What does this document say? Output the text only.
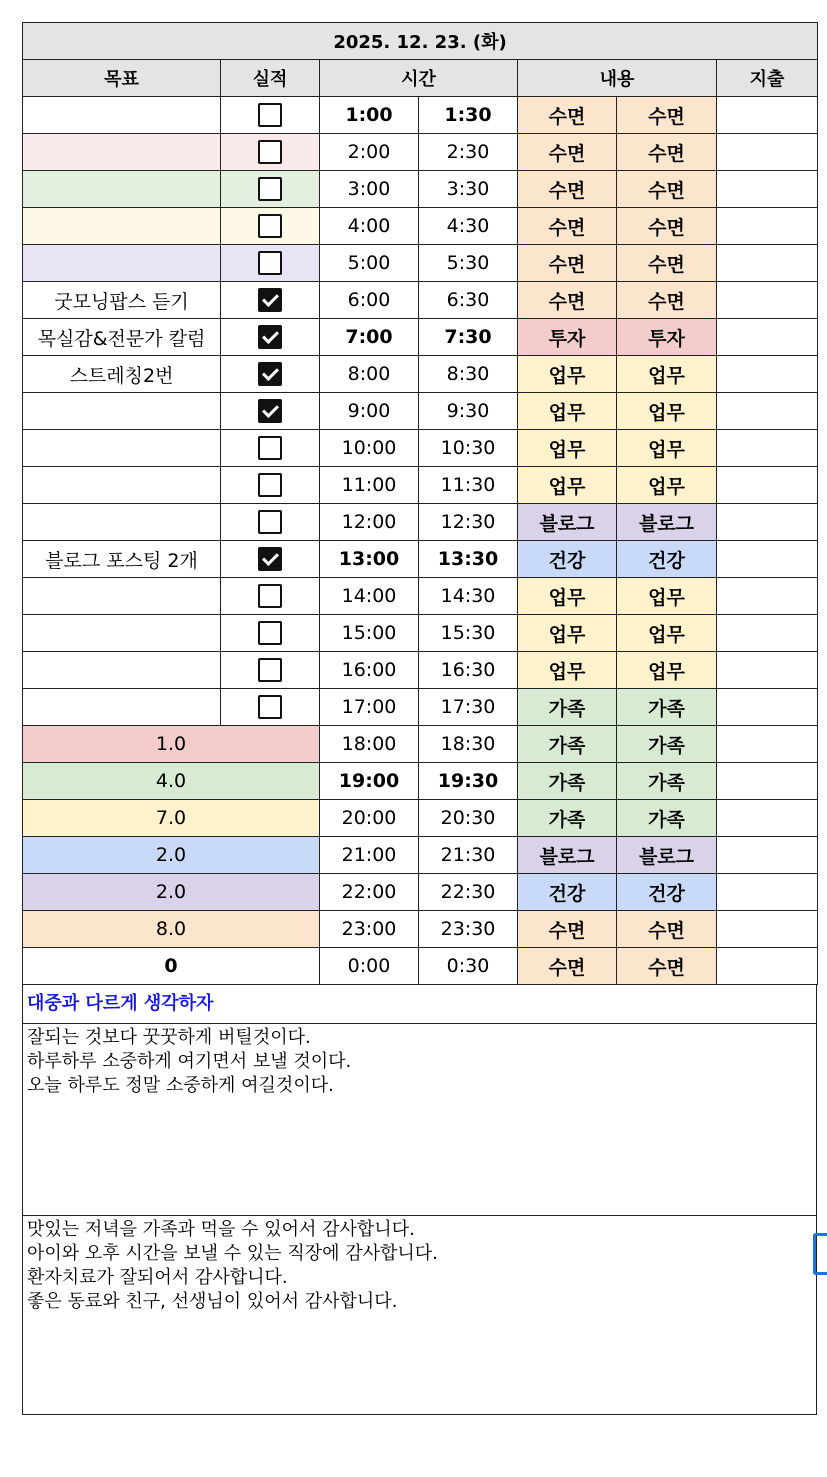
2025. 12. 23. (화)						
목표	실적	시간		내용		지출
		1:00	1:30	수면	수면	
		2:00	2:30	수면	수면	
		3:00	3:30	수면	수면	
		4:00	4:30	수면	수면	
		5:00	5:30	수면	수면	
굿모닝팝스 듣기		6:00	6:30	수면	수면	
목실감&전문가 칼럼		7:00	7:30	투자	투자	
스트레칭2번		8:00	8:30	업무	업무	
		9:00	9:30	업무	업무	
		10:00	10:30	업무	업무	
		11:00	11:30	업무	업무	
		12:00	12:30	블로그	블로그	
블로그 포스팅 2개		13:00	13:30	건강	건강	
		14:00	14:30	업무	업무	
		15:00	15:30	업무	업무	
		16:00	16:30	업무	업무	
		17:00	17:30	가족	가족	
1.0		18:00	18:30	가족	가족	
4.0		19:00	19:30	가족	가족	
7.0		20:00	20:30	가족	가족	
2.0		21:00	21:30	블로그	블로그	
2.0		22:00	22:30	건강	건강	
8.0		23:00	23:30	수면	수면	
0		0:00	0:30	수면	수면	
대중과 다르게 생각하자
잘되는 것보다 꿋꿋하게 버틸것이다.
하루하루 소중하게 여기면서 보낼 것이다.
오늘 하루도 정말 소중하게 여길것이다.
맛있는 저녁을 가족과 먹을 수 있어서 감사합니다.
아이와 오후 시간을 보낼 수 있는 직장에 감사합니다.
환자치료가 잘되어서 감사합니다.
좋은 동료와 친구, 선생님이 있어서 감사합니다.
